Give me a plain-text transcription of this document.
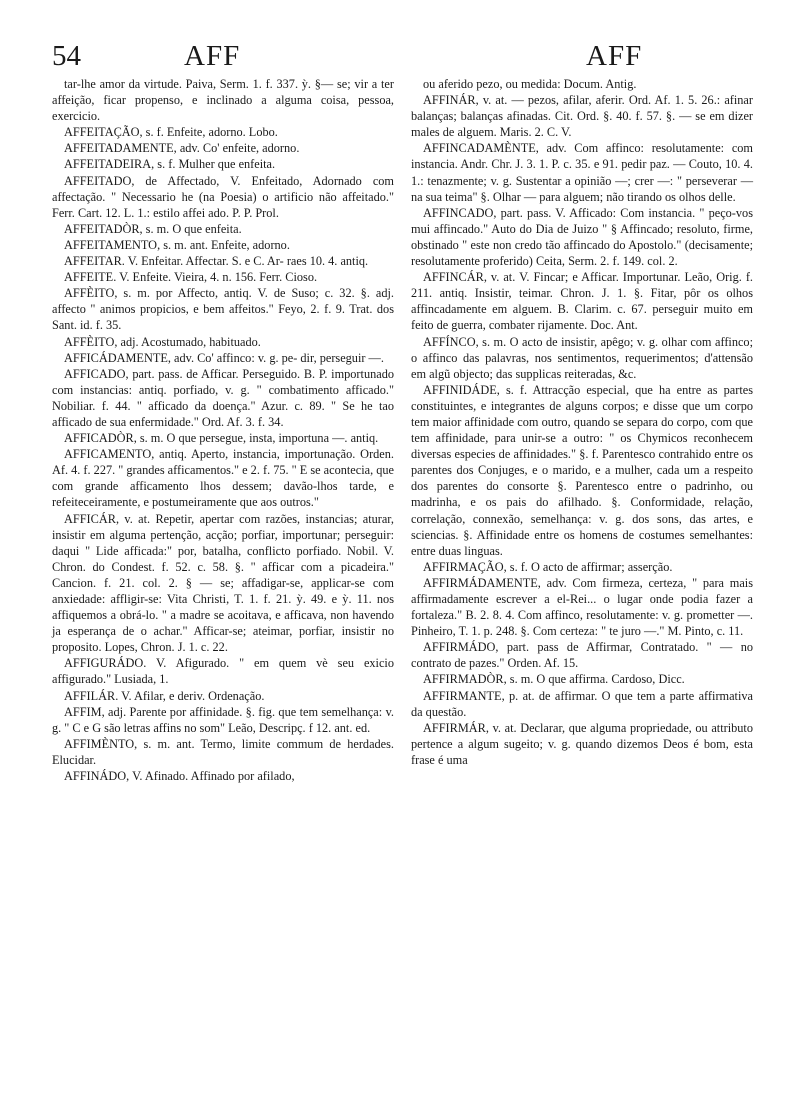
54	AFF	AFF

tar-lhe amor da virtude. Paiva, Serm. 1. f. 337. ỳ. §— se; vir a ter affeição, ficar propenso, e inclinado a alguma coisa, pessoa, exercicio.

AFFEITAÇÃO, s. f. Enfeite, adorno. Lobo.

AFFEITADAMENTE, adv. Co' enfeite, adorno.

AFFEITADEIRA, s. f. Mulher que enfeita.

AFFEITADO, de Affectado, V. Enfeitado, Adornado com affectação. " Necessario he (na Poesia) o artificio não affeitado." Ferr. Cart. 12. L. 1.: estilo affei ado. P. P. Prol.

AFFEITADÒR, s. m. O que enfeita.

AFFEITAMENTO, s. m. ant. Enfeite, adorno.

AFFEITAR. V. Enfeitar. Affectar. S. e C. Ar- raes 10. 4. antiq.

AFFEITE. V. Enfeite. Vieira, 4. n. 156. Ferr. Cioso.

AFFÈITO, s. m. por Affecto, antiq. V. de Suso; c. 32. §. adj. affecto " animos propicios, e bem affeitos." Feyo, 2. f. 9. Trat. dos Sant. id. f. 35.

AFFÈITO, adj. Acostumado, habituado.

AFFICÁDAMENTE, adv. Co' affinco: v. g. pe- dir, perseguir —.

AFFICADO, part. pass. de Afficar. Perseguido. B. P. importunado com instancias: antiq. porfiado, v. g. " combatimento afficado." Nobiliar. f. 44. " afficado da doença." Azur. c. 89. " Se he tao afficado de sua enfermidade." Ord. Af. 3. f. 34.

AFFICADÒR, s. m. O que persegue, insta, importuna —. antiq.

AFFICAMENTO, antiq. Aperto, instancia, importunação. Orden. Af. 4. f. 227. " grandes afficamentos." e 2. f. 75. " E se acontecia, que com grande afficamento lhos dessem; davão-lhos tarde, e refeiteceiramente, e postumeiramente que aos outros."

AFFICÁR, v. at. Repetir, apertar com razões, instancias; aturar, insistir em alguma pertenção, acção; porfiar, importunar; perseguir: daqui " Lide afficada:" por, batalha, conflicto porfiado. Nobil. V. Chron. do Condest. f. 52. c. 58. §. " afficar com a picadeira." Cancion. f. 21. col. 2. § — se; affadigar-se, applicar-se com anxiedade: affligir-se: Vita Christi, T. 1. f. 21. ỳ. 49. e ỳ. 11. nos affiquemos a obrá-lo. " a madre se acoitava, e afficava, non havendo ja esperança de o achar." Afficar-se; ateimar, porfiar, insistir no proposito. Lopes, Chron. J. 1. c. 22.

AFFIGURÁDO. V. Afigurado. " em quem vè seu exicio affigurado." Lusiada, 1.

AFFILÁR. V. Afilar, e deriv. Ordenação.

AFFIM, adj. Parente por affinidade. §. fig. que tem semelhança: v. g. " C e G são letras affins no som" Leão, Descripç. f 12. ant. ed.

AFFIMÈNTO, s. m. ant. Termo, limite commum de herdades. Elucidar.

AFFINÁDO, V. Afinado. Affinado por afilado,

ou aferido pezo, ou medida: Docum. Antig.

AFFINÁR, v. at. — pezos, afilar, aferir. Ord. Af. 1. 5. 26.: afinar balanças; balanças afinadas. Cit. Ord. §. 40. f. 57. §. — se em dizer males de alguem. Maris. 2. C. V.

AFFINCADAMÈNTE, adv. Com affinco: resolutamente: com instancia. Andr. Chr. J. 3. 1. P. c. 35. e 91. pedir paz. — Couto, 10. 4. 1.: tenazmente; v. g. Sustentar a opinião —; crer —: " perseverar — na sua teima" §. Olhar — para alguem; não tirando os olhos delle.

AFFINCADO, part. pass. V. Afficado: Com instancia. " peço-vos mui affincado." Auto do Dia de Juizo " § Affincado; resoluto, firme, obstinado " este non credo tão affincado do Apostolo." (decisamente; resolutamente proferido) Ceita, Serm. 2. f. 149. col. 2.

AFFINCÁR, v. at. V. Fincar; e Afficar. Importunar. Leão, Orig. f. 211. antiq. Insistir, teimar. Chron. J. 1. §. Fitar, pôr os olhos affincadamente em alguem. B. Clarim. c. 67. perseguir muito em feito de guerra, combater rijamente. Doc. Ant.

AFFÍNCO, s. m. O acto de insistir, apêgo; v. g. olhar com affinco; o affinco das palavras, nos sentimentos, requerimentos; d'attensão em algũ objecto; das supplicas reiteradas, &c.

AFFINIDÁDE, s. f. Attracção especial, que ha entre as partes constituintes, e integrantes de alguns corpos; e disse que um corpo tem maior affinidade com outro, quando se separa do corpo, com que tem affinidade, para unir-se a outro: " os Chymicos reconhecem diversas especies de affinidades." §. f. Parentesco contrahido entre os parentes dos Conjuges, e o marido, e a mulher, cada um a respeito dos parentes do consorte §. Parentesco entre o padrinho, ou madrinha, e os pais do afilhado. §. Conformidade, relação, correlação, connexão, semelhança: v. g. dos sons, das artes, e sciencias. §. Affinidade entre os homens de costumes semelhantes: entre duas linguas.

AFFIRMAÇÃO, s. f. O acto de affirmar; asserção.

AFFIRMÁDAMENTE, adv. Com firmeza, certeza, " para mais affirmadamente escrever a el-Rei... o lugar onde podia fazer a fortaleza." B. 2. 8. 4. Com affinco, resolutamente: v. g. prometter —. Pinheiro, T. 1. p. 248. §. Com certeza: " te juro —." M. Pinto, c. 11.

AFFIRMÁDO, part. pass de Affirmar, Contratado. " — no contrato de pazes." Orden. Af. 15.

AFFIRMADÒR, s. m. O que affirma. Cardoso, Dicc.

AFFIRMANTE, p. at. de affirmar. O que tem a parte affirmativa da questão.

AFFIRMÁR, v. at. Declarar, que alguma propriedade, ou attributo pertence a algum sugeito; v. g. quando dizemos Deos é bom, esta frase é uma
